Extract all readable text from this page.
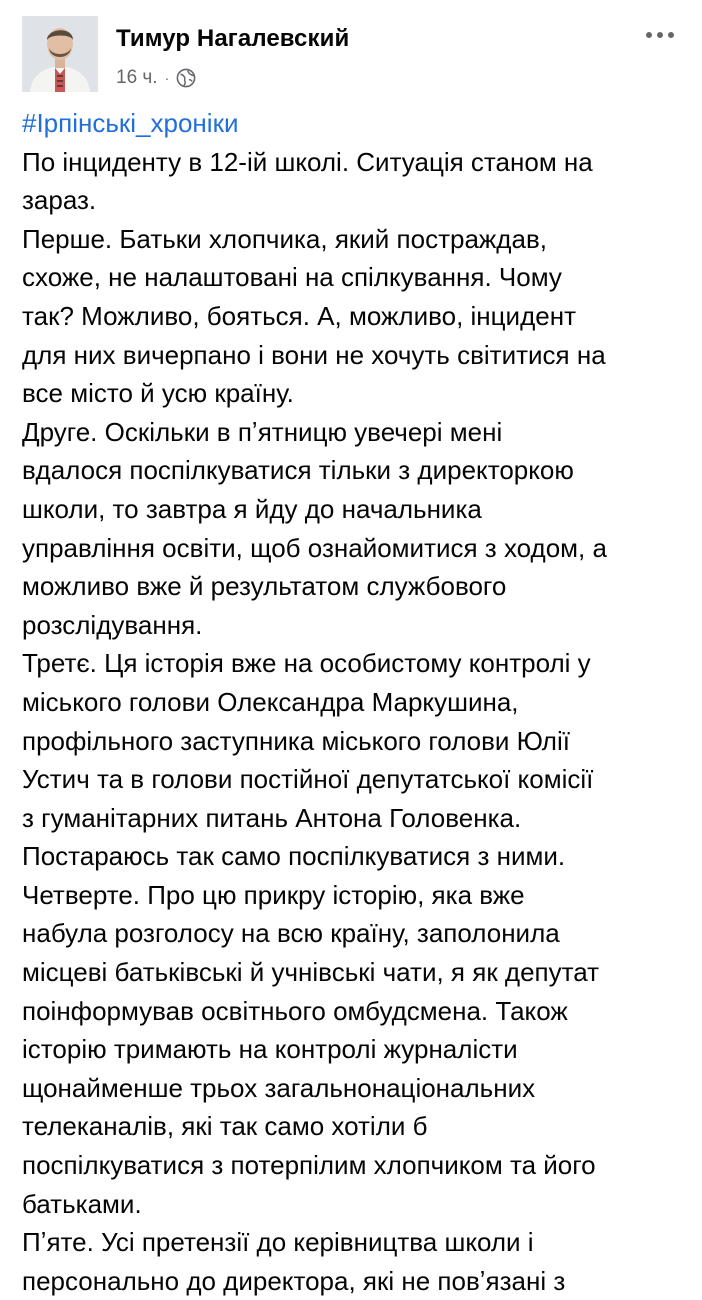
Тимур Нагалевский
16 ч. ·
#Ірпінські_хроніки
По інциденту в 12-ій школі. Ситуація станом на
зараз.
Перше. Батьки хлопчика, який постраждав,
схоже, не налаштовані на спілкування. Чому
так? Можливо, бояться. А, можливо, інцидент
для них вичерпано і вони не хочуть світитися на
все місто й усю країну.
Друге. Оскільки в пʼятницю увечері мені
вдалося поспілкуватися тільки з директоркою
школи, то завтра я йду до начальника
управління освіти, щоб ознайомитися з ходом, а
можливо вже й результатом службового
розслідування.
Третє. Ця історія вже на особистому контролі у
міського голови Олександра Маркушина,
профільного заступника міського голови Юлії
Устич та в голови постійної депутатської комісії
з гуманітарних питань Антона Головенка.
Постараюсь так само поспілкуватися з ними.
Четверте. Про цю прикру історію, яка вже
набула розголосу на всю країну, заполонила
місцеві батьківські й учнівські чати, я як депутат
поінформував освітнього омбудсмена. Також
історію тримають на контролі журналісти
щонайменше трьох загальнонаціональних
телеканалів, які так само хотіли б
поспілкуватися з потерпілим хлопчиком та його
батьками.
Пʼяте. Усі претензії до керівництва школи і
персонально до директора, які не повʼязані з
